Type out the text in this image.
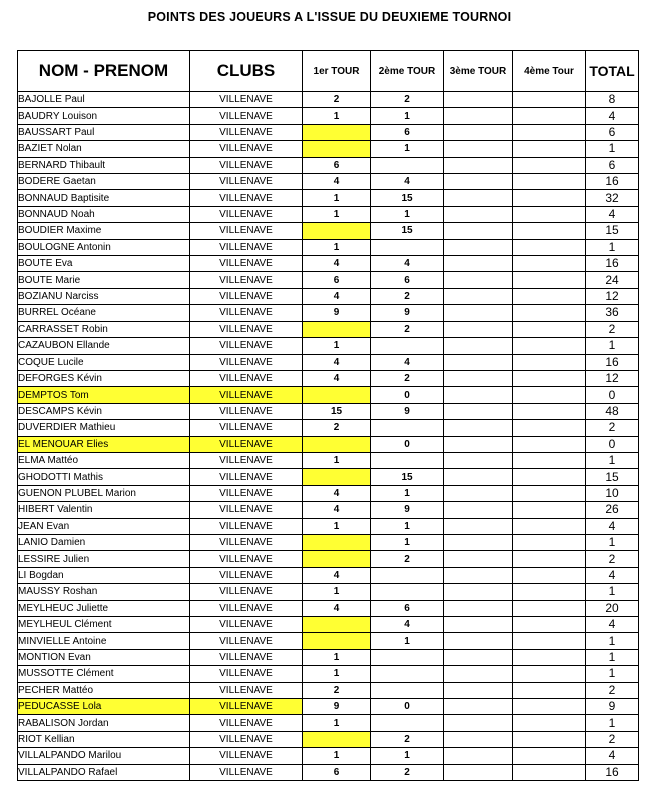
POINTS DES JOUEURS A L'ISSUE DU DEUXIEME TOURNOI
NOM - PRENOM	CLUBS	1er TOUR	2ème TOUR	3ème TOUR	4ème Tour	TOTAL
BAJOLLE Paul	VILLENAVE	2	2			8
BAUDRY Louison	VILLENAVE	1	1			4
BAUSSART Paul	VILLENAVE		6			6
BAZIET Nolan	VILLENAVE		1			1
BERNARD Thibault	VILLENAVE	6				6
BODERE Gaetan	VILLENAVE	4	4			16
BONNAUD Baptisite	VILLENAVE	1	15			32
BONNAUD Noah	VILLENAVE	1	1			4
BOUDIER Maxime	VILLENAVE		15			15
BOULOGNE Antonin	VILLENAVE	1				1
BOUTE Eva	VILLENAVE	4	4			16
BOUTE Marie	VILLENAVE	6	6			24
BOZIANU Narciss	VILLENAVE	4	2			12
BURREL Océane	VILLENAVE	9	9			36
CARRASSET Robin	VILLENAVE		2			2
CAZAUBON Ellande	VILLENAVE	1				1
COQUE Lucile	VILLENAVE	4	4			16
DEFORGES Kévin	VILLENAVE	4	2			12
DEMPTOS Tom	VILLENAVE		0			0
DESCAMPS Kévin	VILLENAVE	15	9			48
DUVERDIER Mathieu	VILLENAVE	2				2
EL MENOUAR Elies	VILLENAVE		0			0
ELMA Mattéo	VILLENAVE	1				1
GHODOTTI Mathis	VILLENAVE		15			15
GUENON PLUBEL Marion	VILLENAVE	4	1			10
HIBERT Valentin	VILLENAVE	4	9			26
JEAN Evan	VILLENAVE	1	1			4
LANIO Damien	VILLENAVE		1			1
LESSIRE Julien	VILLENAVE		2			2
LI Bogdan	VILLENAVE	4				4
MAUSSY Roshan	VILLENAVE	1				1
MEYLHEUC Juliette	VILLENAVE	4	6			20
MEYLHEUL Clément	VILLENAVE		4			4
MINVIELLE Antoine	VILLENAVE		1			1
MONTION Evan	VILLENAVE	1				1
MUSSOTTE Clément	VILLENAVE	1				1
PECHER Mattéo	VILLENAVE	2				2
PEDUCASSE Lola	VILLENAVE	9	0			9
RABALISON Jordan	VILLENAVE	1				1
RIOT Kellian	VILLENAVE		2			2
VILLALPANDO Marilou	VILLENAVE	1	1			4
VILLALPANDO Rafael	VILLENAVE	6	2			16
